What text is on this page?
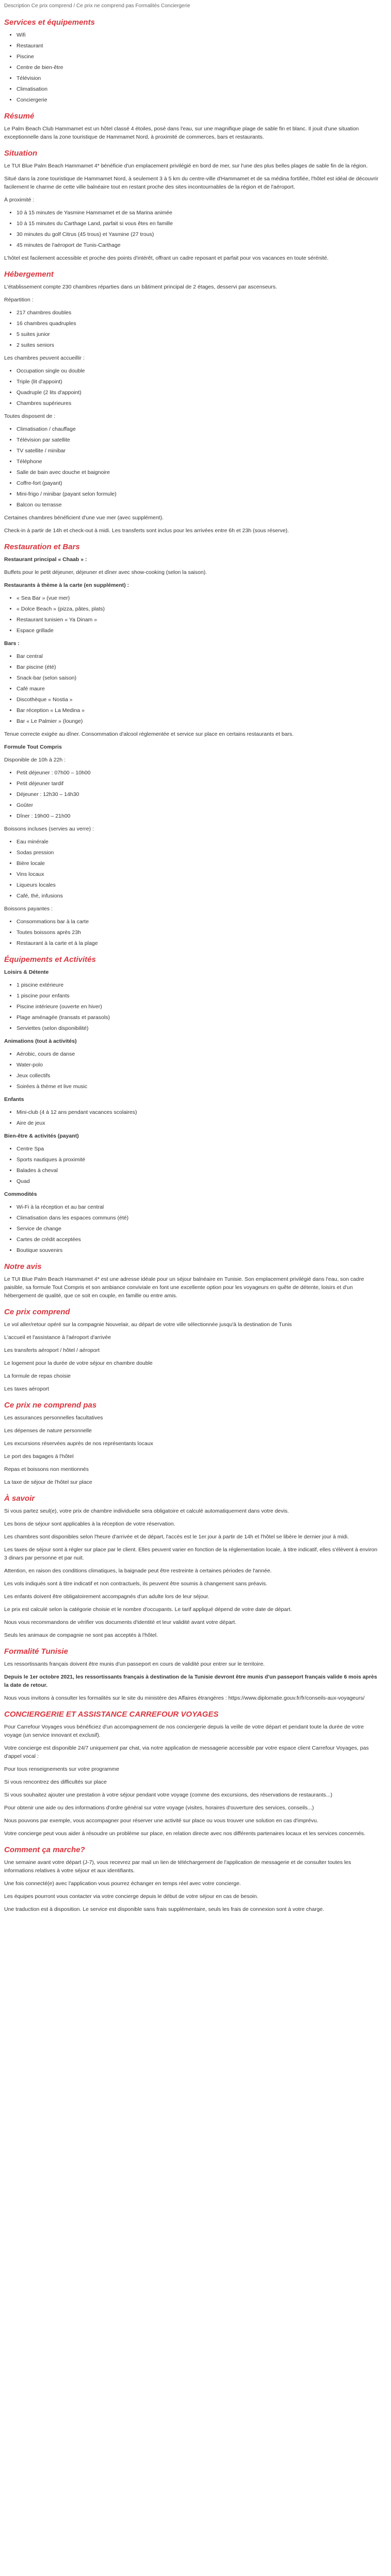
Description Ce prix comprend / Ce prix ne comprend pas Formalités Conciergerie

Services et équipements
• Wifi
• Restaurant
• Piscine
• Centre de bien-être
• Télévision
• Climatisation
• Conciergerie
Résumé

Le Palm Beach Club Hammamet est un hôtel classé 4 étoiles, posé dans l'eau, sur une magnifique plage de sable fin et blanc. Il jouit d'une situation exceptionnelle dans la zone touristique de Hammamet Nord, à proximité de commerces, bars et restaurants.

Situation

Le TUI Blue Palm Beach Hammamet 4* bénéficie d'un emplacement privilégié en bord de mer, sur l'une des plus belles plages de sable fin de la région.

Situé dans la zone touristique de Hammamet Nord, à seulement 3 à 5 km du centre-ville d'Hammamet et de sa médina fortifiée, l'hôtel est idéal de découvrir facilement le charme de cette ville balnéaire tout en restant proche des sites incontournables de la région et de l'aéroport.

À proximité :

• 10 à 15 minutes de Yasmine Hammamet et de sa Marina animée
• 10 à 15 minutes du Carthage Land, parfait si vous êtes en famille
• 30 minutes du golf Citrus (45 trous) et Yasmine (27 trous)
• 45 minutes de l'aéroport de Tunis-Carthage

L'hôtel est facilement accessible et proche des points d'intérêt, offrant un cadre reposant et parfait pour vos vacances en toute sérénité.

Hébergement

L'établissement compte 230 chambres réparties dans un bâtiment principal de 2 étages, desservi par ascenseurs.

Répartition :

• 217 chambres doubles
• 16 chambres quadruples
• 5 suites junior
• 2 suites seniors

Les chambres peuvent accueillir :

• Occupation single ou double
• Triple (lit d'appoint)
• Quadruple (2 lits d'appoint)
• Chambres supérieures

Toutes disposent de :

• Climatisation / chauffage
• Télévision par satellite
• TV satellite / minibar
• Téléphone
• Salle de bain avec douche et baignoire
• Coffre-fort (payant)
• Mini-frigo / minibar (payant selon formule)
• Balcon ou terrasse

Certaines chambres bénéficient d'une vue mer (avec supplément).

Check-in à partir de 14h et check-out à midi. Les transferts sont inclus pour les arrivées entre 6h et 23h (sous réserve).

Restauration et Bars

Restaurant principal « Chaab » :

Buffets pour le petit déjeuner, déjeuner et dîner avec show-cooking (selon la saison).

Restaurants à thème à la carte (en supplément) :

• « Sea Bar » (vue mer)
• « Dolce Beach » (pizza, pâtes, plats)
• Restaurant tunisien « Ya Dinam »
• Espace grillade

Bars :

• Bar central
• Bar piscine (été)
• Snack-bar (selon saison)
• Café maure
• Discothèque « Nostia »
• Bar réception « La Medina »
• Bar « Le Palmier » (lounge)

Tenue correcte exigée au dîner. Consommation d'alcool réglementée et service sur place en certains restaurants et bars.

Formule Tout Compris

Disponible de 10h à 22h :

• Petit déjeuner : 07h00 – 10h00
• Petit déjeuner tardif
• Déjeuner : 12h30 – 14h30
• Goûter
• Dîner : 19h00 – 21h00

Boissons incluses (servies au verre) :

• Eau minérale
• Sodas pression
• Bière locale
• Vins locaux
• Liqueurs locales
• Café, thé, infusions

Boissons payantes :

• Consommations bar à la carte
• Toutes boissons après 23h
• Restaurant à la carte et à la plage
Équipements et Activités

Loisirs & Détente

• 1 piscine extérieure
• 1 piscine pour enfants
• Piscine intérieure (ouverte en hiver)
• Plage aménagée (transats et parasols)
• Serviettes (selon disponibilité)

Animations (tout à activités)

• Aérobic, cours de danse
• Water-polo
• Jeux collectifs
• Soirées à thème et live music

Enfants

• Mini-club (4 à 12 ans pendant vacances scolaires)
• Aire de jeux

Bien-être & activités (payant)

• Centre Spa
• Sports nautiques à proximité
• Balades à cheval
• Quad

Commodités

• Wi-Fi à la réception et au bar central
• Climatisation dans les espaces communs (été)
• Service de change
• Cartes de crédit acceptées
• Boutique souvenirs
Notre avis

Le TUI Blue Palm Beach Hammamet 4* est une adresse idéale pour un séjour balnéaire en Tunisie. Son emplacement privilégié dans l'eau, son cadre paisible, sa formule Tout Compris et son ambiance conviviale en font une excellente option pour les voyageurs en quête de détente, loisirs et d'un hébergement de qualité, que ce soit en couple, en famille ou entre amis.

Ce prix comprend

Le vol aller/retour opéré sur la compagnie Nouvelair, au départ de votre ville sélectionnée jusqu'à la destination de Tunis

L'accueil et l'assistance à l'aéroport d'arrivée

Les transferts aéroport / hôtel / aéroport

Le logement pour la durée de votre séjour en chambre double

La formule de repas choisie

Les taxes aéroport

Ce prix ne comprend pas

Les assurances personnelles facultatives

Les dépenses de nature personnelle

Les excursions réservées auprès de nos représentants locaux

Le port des bagages à l'hôtel

Repas et boissons non mentionnés

La taxe de séjour de l'hôtel sur place

À savoir

Si vous partez seul(e), votre prix de chambre individuelle sera obligatoire et calculé automatiquement dans votre devis.

Les bons de séjour sont applicables à la réception de votre réservation.

Les chambres sont disponibles selon l'heure d'arrivée et de départ, l'accès est le 1er jour à partir de 14h et l'hôtel se libère le dernier jour à midi.

Les taxes de séjour sont à régler sur place par le client. Elles peuvent varier en fonction de la réglementation locale, à titre indicatif, elles s'élèvent à environ 3 dinars par personne et par nuit.

Attention, en raison des conditions climatiques, la baignade peut être restreinte à certaines périodes de l'année.

Les vols indiqués sont à titre indicatif et non contractuels, ils peuvent être soumis à changement sans préavis.

Les enfants doivent être obligatoirement accompagnés d'un adulte lors de leur séjour.

Le prix est calculé selon la catégorie choisie et le nombre d'occupants. Le tarif appliqué dépend de votre date de départ.

Nous vous recommandons de vérifier vos documents d'identité et leur validité avant votre départ.

Seuls les animaux de compagnie ne sont pas acceptés à l'hôtel.

Formalité Tunisie

Les ressortissants français doivent être munis d'un passeport en cours de validité pour entrer sur le territoire.

Depuis le 1er octobre 2021, les ressortissants français à destination de la Tunisie devront être munis d'un passeport français valide 6 mois après la date de retour.

Nous vous invitons à consulter les formalités sur le site du ministère des Affaires étrangères : https://www.diplomatie.gouv.fr/fr/conseils-aux-voyageurs/

CONCIERGERIE ET ASSISTANCE CARREFOUR VOYAGES

Pour Carrefour Voyages vous bénéficiez d'un accompagnement de nos conciergerie depuis la veille de votre départ et pendant toute la durée de votre voyage (un service innovant et exclusif).

Votre concierge est disponible 24/7 uniquement par chat, via notre application de messagerie accessible par votre espace client Carrefour Voyages, pas d'appel vocal :

Pour tous renseignements sur votre programme

Si vous rencontrez des difficultés sur place

Si vous souhaitez ajouter une prestation à votre séjour pendant votre voyage (comme des excursions, des réservations de restaurants...)

Pour obtenir une aide ou des informations d'ordre général sur votre voyage (visites, horaires d'ouverture des services, conseils...)

Nous pouvons par exemple, vous accompagner pour réserver une activité sur place ou vous trouver une solution en cas d'imprévu.

Votre concierge peut vous aider à résoudre un problème sur place, en relation directe avec nos différents partenaires locaux et les services concernés.

Comment ça marche?

Une semaine avant votre départ (J-7), vous recevrez par mail un lien de téléchargement de l'application de messagerie et de consulter toutes les informations relatives à votre séjour et aux identifiants.

Une fois connecté(e) avec l'application vous pourrez échanger en temps réel avec votre concierge.

Les équipes pourront vous contacter via votre concierge depuis le début de votre séjour en cas de besoin.

Une traduction est à disposition. Le service est disponible sans frais supplémentaire, seuls les frais de connexion sont à votre charge.
